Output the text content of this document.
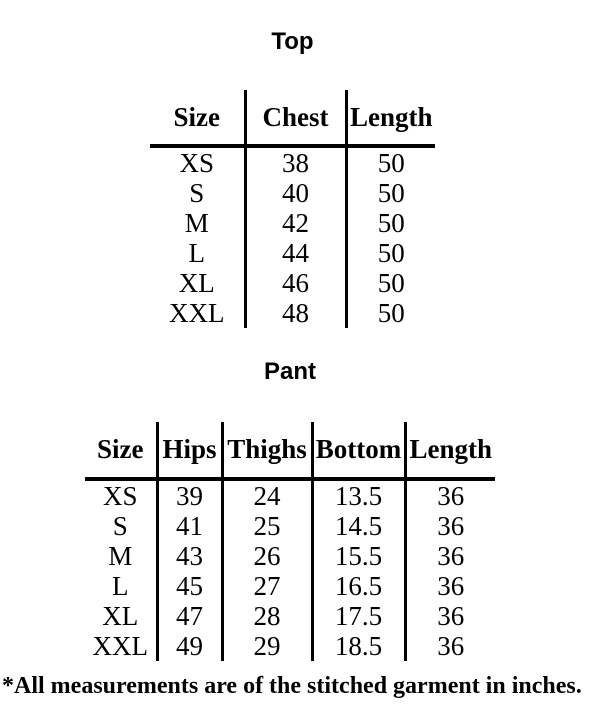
Top
Size	Chest	Length
XS	38	50
S	40	50
M	42	50
L	44	50
XL	46	50
XXL	48	50
Pant
Size	Hips	Thighs	Bottom	Length
XS	39	24	13.5	36
S	41	25	14.5	36
M	43	26	15.5	36
L	45	27	16.5	36
XL	47	28	17.5	36
XXL	49	29	18.5	36

*All measurements are of the stitched garment in inches.
